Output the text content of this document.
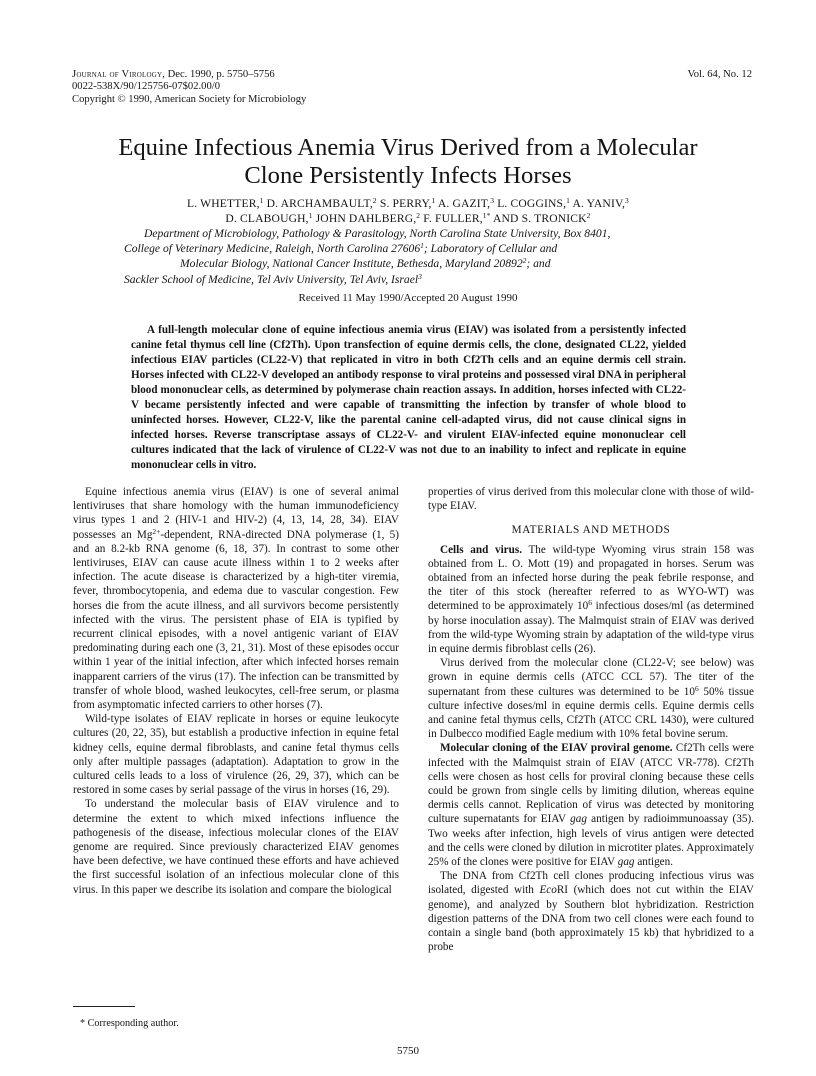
Journal of Virology, Dec. 1990, p. 5750–5756
0022-538X/90/125756-07$02.00/0
Copyright © 1990, American Society for Microbiology
Vol. 64, No. 12
Equine Infectious Anemia Virus Derived from a Molecular
Clone Persistently Infects Horses
L. WHETTER,$^1$ D. ARCHAMBAULT,$^2$ S. PERRY,$^1$ A. GAZIT,$^3$ L. COGGINS,$^1$ A. YANIV,$^3$
D. CLABOUGH,$^1$ JOHN DAHLBERG,$^2$ F. FULLER,$^{1*}$ AND S. TRONICK$^2$

Department of Microbiology, Pathology & Parasitology, North Carolina State University, Box 8401,

College of Veterinary Medicine, Raleigh, North Carolina 27606$^1$; Laboratory of Cellular and

Molecular Biology, National Cancer Institute, Bethesda, Maryland 20892$^2$; and

Sackler School of Medicine, Tel Aviv University, Tel Aviv, Israel$^3$

Received 11 May 1990/Accepted 20 August 1990

A full-length molecular clone of equine infectious anemia virus (EIAV) was isolated from a persistently infected canine fetal thymus cell line (Cf2Th). Upon transfection of equine dermis cells, the clone, designated CL22, yielded infectious EIAV particles (CL22-V) that replicated in vitro in both Cf2Th cells and an equine dermis cell strain. Horses infected with CL22-V developed an antibody response to viral proteins and possessed viral DNA in peripheral blood mononuclear cells, as determined by polymerase chain reaction assays. In addition, horses infected with CL22-V became persistently infected and were capable of transmitting the infection by transfer of whole blood to uninfected horses. However, CL22-V, like the parental canine cell-adapted virus, did not cause clinical signs in infected horses. Reverse transcriptase assays of CL22-V- and virulent EIAV-infected equine mononuclear cell cultures indicated that the lack of virulence of CL22-V was not due to an inability to infect and replicate in equine mononuclear cells in vitro.

Equine infectious anemia virus (EIAV) is one of several animal lentiviruses that share homology with the human immunodeficiency virus types 1 and 2 (HIV-1 and HIV-2) (4, 13, 14, 28, 34). EIAV possesses an $Mg^{2+}$-dependent, RNA-directed DNA polymerase (1, 5) and an 8.2-kb RNA genome (6, 18, 37). In contrast to some other lentiviruses, EIAV can cause acute illness within 1 to 2 weeks after infection. The acute disease is characterized by a high-titer viremia, fever, thrombocytopenia, and edema due to vascular congestion. Few horses die from the acute illness, and all survivors become persistently infected with the virus. The persistent phase of EIA is typified by recurrent clinical episodes, with a novel antigenic variant of EIAV predominating during each one (3, 21, 31). Most of these episodes occur within 1 year of the initial infection, after which infected horses remain inapparent carriers of the virus (17). The infection can be transmitted by transfer of whole blood, washed leukocytes, cell-free serum, or plasma from asymptomatic infected carriers to other horses (7).

Wild-type isolates of EIAV replicate in horses or equine leukocyte cultures (20, 22, 35), but establish a productive infection in equine fetal kidney cells, equine dermal fibroblasts, and canine fetal thymus cells only after multiple passages (adaptation). Adaptation to grow in the cultured cells leads to a loss of virulence (26, 29, 37), which can be restored in some cases by serial passage of the virus in horses (16, 29).

To understand the molecular basis of EIAV virulence and to determine the extent to which mixed infections influence the pathogenesis of the disease, infectious molecular clones of the EIAV genome are required. Since previously characterized EIAV genomes have been defective, we have continued these efforts and have achieved the first successful isolation of an infectious molecular clone of this virus. In this paper we describe its isolation and compare the biological

properties of virus derived from this molecular clone with those of wild-type EIAV.

MATERIALS AND METHODS

Cells and virus. The wild-type Wyoming virus strain 158 was obtained from L. O. Mott (19) and propagated in horses. Serum was obtained from an infected horse during the peak febrile response, and the titer of this stock (hereafter referred to as WYO-WT) was determined to be approximately $10^6$ infectious doses/ml (as determined by horse inoculation assay). The Malmquist strain of EIAV was derived from the wild-type Wyoming strain by adaptation of the wild-type virus in equine dermis fibroblast cells (26).

Virus derived from the molecular clone (CL22-V; see below) was grown in equine dermis cells (ATCC CCL 57). The titer of the supernatant from these cultures was determined to be $10^6$ 50% tissue culture infective doses/ml in equine dermis cells. Equine dermis cells and canine fetal thymus cells, Cf2Th (ATCC CRL 1430), were cultured in Dulbecco modified Eagle medium with 10% fetal bovine serum.

Molecular cloning of the EIAV proviral genome. Cf2Th cells were infected with the Malmquist strain of EIAV (ATCC VR-778). Cf2Th cells were chosen as host cells for proviral cloning because these cells could be grown from single cells by limiting dilution, whereas equine dermis cells cannot. Replication of virus was detected by monitoring culture supernatants for EIAV gag antigen by radioimmunoassay (35). Two weeks after infection, high levels of virus antigen were detected and the cells were cloned by dilution in microtiter plates. Approximately 25% of the clones were positive for EIAV gag antigen.

The DNA from Cf2Th cell clones producing infectious virus was isolated, digested with EcoRI (which does not cut within the EIAV genome), and analyzed by Southern blot hybridization. Restriction digestion patterns of the DNA from two cell clones were each found to contain a single band (both approximately 15 kb) that hybridized to a probe

* Corresponding author.
5750
